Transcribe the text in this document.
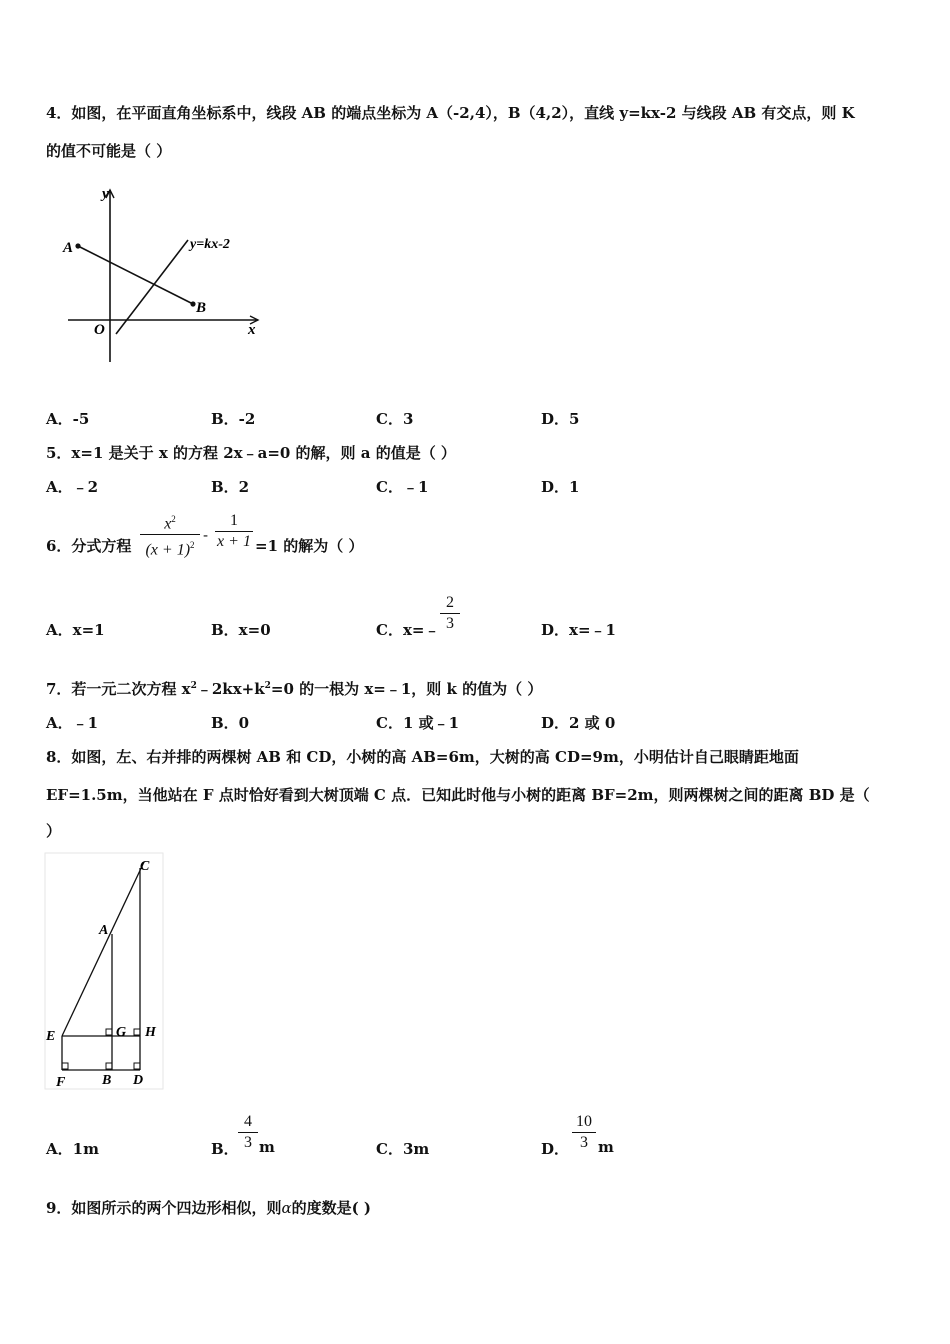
4．如图，在平面直角坐标系中，线段 AB 的端点坐标为 A（-2,4），B（4,2），直线 y=kx-2 与线段 AB 有交点，则 K
的值不可能是（ ）
y
x
O
A
B
y=kx-2
A．-5	B．-2	C．3	D．5
5．x=1 是关于 x 的方程 2x﹣a=0 的解，则 a 的值是（ ）
A．﹣2	B．2	C．﹣1	D．1
6．分式方程
$x^2$
$(x + 1)^2$
-
1
x + 1 =1 的解为（ ）
A．x=1	B．x=0	C．x=﹣
2
3	D．x=﹣1
7．若一元二次方程 $x^2﹣2kx+k^2=0$ 的一根为 x=﹣1，则 k 的值为（ ）
A．﹣1	B．0	C．1 或﹣1	D．2 或 0
8．如图，左、右并排的两棵树 AB 和 CD，小树的高 AB=6m，大树的高 CD=9m，小明估计自己眼睛距地面
EF=1.5m，当他站在 F 点时恰好看到大树顶端 C 点．已知此时他与小树的距离 BF=2m，则两棵树之间的距离 BD 是（
）
C
A
E	G H
F	B D
A．1m	B．
4
3 m	C．3m	D．
10
3 m
9．如图所示的两个四边形相似，则α的度数是( )
